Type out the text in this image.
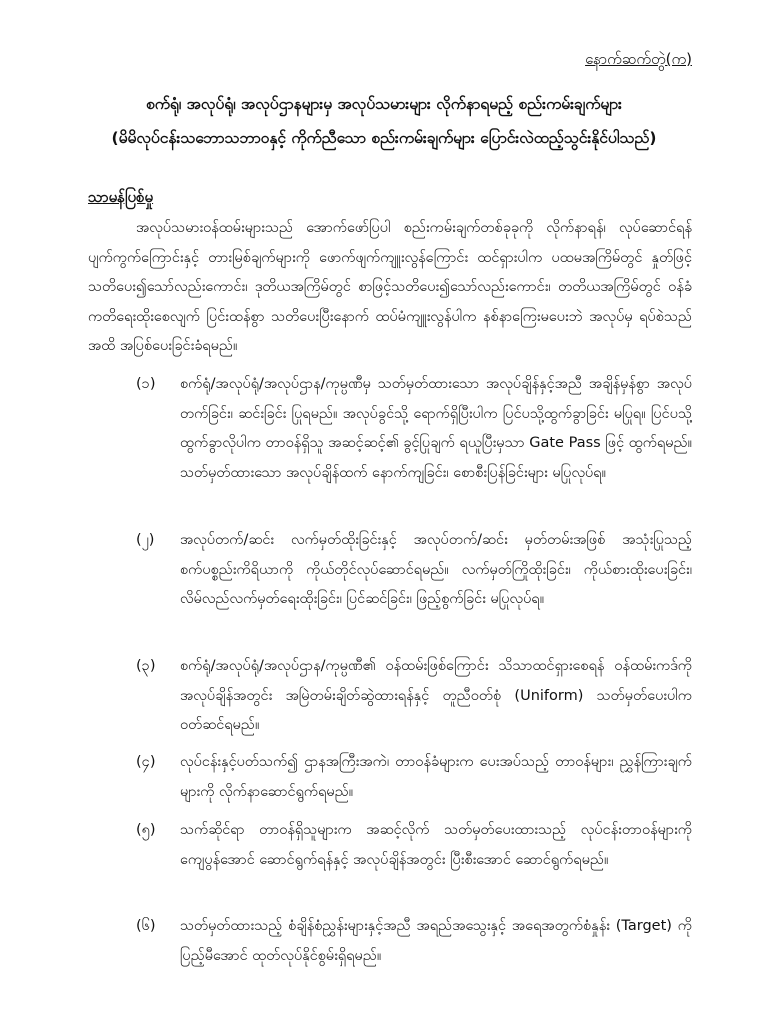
နောက်ဆက်တွဲ(က)
စက်ရုံ၊ အလုပ်ရုံ၊ အလုပ်ဌာနများမှ အလုပ်သမားများ လိုက်နာရမည့် စည်းကမ်းချက်များ
(မိမိလုပ်ငန်းသဘောသဘာဝနှင့် ကိုက်ညီသော စည်းကမ်းချက်များ ပြောင်းလဲထည့်သွင်းနိုင်ပါသည်)
သာမန်ပြစ်မှု

အလုပ်သမားဝန်ထမ်းများသည် အောက်ဖော်ပြပါ စည်းကမ်းချက်တစ်ခုခုကို လိုက်နာရန်၊ လုပ်ဆောင်ရန် ပျက်ကွက်ကြောင်းနှင့် တားမြစ်ချက်များကို ဖောက်ဖျက်ကျူးလွန်ကြောင်း ထင်ရှားပါက ပထမအကြိမ်တွင် နှုတ်ဖြင့်သတိပေး၍သော်လည်းကောင်း၊ ဒုတိယအကြိမ်တွင် စာဖြင့်သတိပေး၍သော်လည်းကောင်း၊ တတိယအကြိမ်တွင် ဝန်ခံကတိရေးထိုးစေလျက် ပြင်းထန်စွာ သတိပေးပြီးနောက် ထပ်မံကျူးလွန်ပါက နစ်နာကြေးမပေးဘဲ အလုပ်မှ ရပ်စဲသည်အထိ အပြစ်ပေးခြင်းခံရမည်။

(၁)	စက်ရုံ/အလုပ်ရုံ/အလုပ်ဌာန/ကုမ္ပဏီမှ သတ်မှတ်ထားသော အလုပ်ချိန်နှင့်အညီ အချိန်မှန်စွာ အလုပ်တက်ခြင်း၊ ဆင်းခြင်း ပြုရမည်။ အလုပ်ခွင်သို့ ရောက်ရှိပြီးပါက ပြင်ပသို့ထွက်ခွာခြင်း မပြုရ။ ပြင်ပသို့ ထွက်ခွာလိုပါက တာဝန်ရှိသူ အဆင့်ဆင့်၏ ခွင့်ပြုချက် ရယူပြီးမှသာ Gate Pass ဖြင့် ထွက်ရမည်။ သတ်မှတ်ထားသော အလုပ်ချိန်ထက် နောက်ကျခြင်း၊ စောစီးပြန်ခြင်းများ မပြုလုပ်ရ။

(၂)	အလုပ်တက်/ဆင်း လက်မှတ်ထိုးခြင်းနှင့် အလုပ်တက်/ဆင်း မှတ်တမ်းအဖြစ် အသုံးပြုသည့် စက်ပစ္စည်းကိရိယာကို ကိုယ်တိုင်လုပ်ဆောင်ရမည်။ လက်မှတ်ကြိုထိုးခြင်း၊ ကိုယ်စားထိုးပေးခြင်း၊ လိမ်လည်လက်မှတ်ရေးထိုးခြင်း၊ ပြင်ဆင်ခြင်း၊ ဖြည့်စွက်ခြင်း မပြုလုပ်ရ။

(၃)	စက်ရုံ/အလုပ်ရုံ/အလုပ်ဌာန/ကုမ္ပဏီ၏ ဝန်ထမ်းဖြစ်ကြောင်း သိသာထင်ရှားစေရန် ဝန်ထမ်းကဒ်ကို အလုပ်ချိန်အတွင်း အမြဲတမ်းချိတ်ဆွဲထားရန်နှင့် တူညီဝတ်စုံ (Uniform) သတ်မှတ်ပေးပါက ဝတ်ဆင်ရမည်။

(၄)	လုပ်ငန်းနှင့်ပတ်သက်၍ ဌာနအကြီးအကဲ၊ တာဝန်ခံများက ပေးအပ်သည့် တာဝန်များ၊ ညွှန်ကြားချက်များကို လိုက်နာဆောင်ရွက်ရမည်။

(၅)	သက်ဆိုင်ရာ တာဝန်ရှိသူများက အဆင့်လိုက် သတ်မှတ်ပေးထားသည့် လုပ်ငန်းတာဝန်များကို ကျေပွန်အောင် ဆောင်ရွက်ရန်နှင့် အလုပ်ချိန်အတွင်း ပြီးစီးအောင် ဆောင်ရွက်ရမည်။

(၆)	သတ်မှတ်ထားသည့် စံချိန်စံညွှန်းများနှင့်အညီ အရည်အသွေးနှင့် အရေအတွက်စံနှုန်း (Target) ကို ပြည့်မီအောင် ထုတ်လုပ်နိုင်စွမ်းရှိရမည်။
